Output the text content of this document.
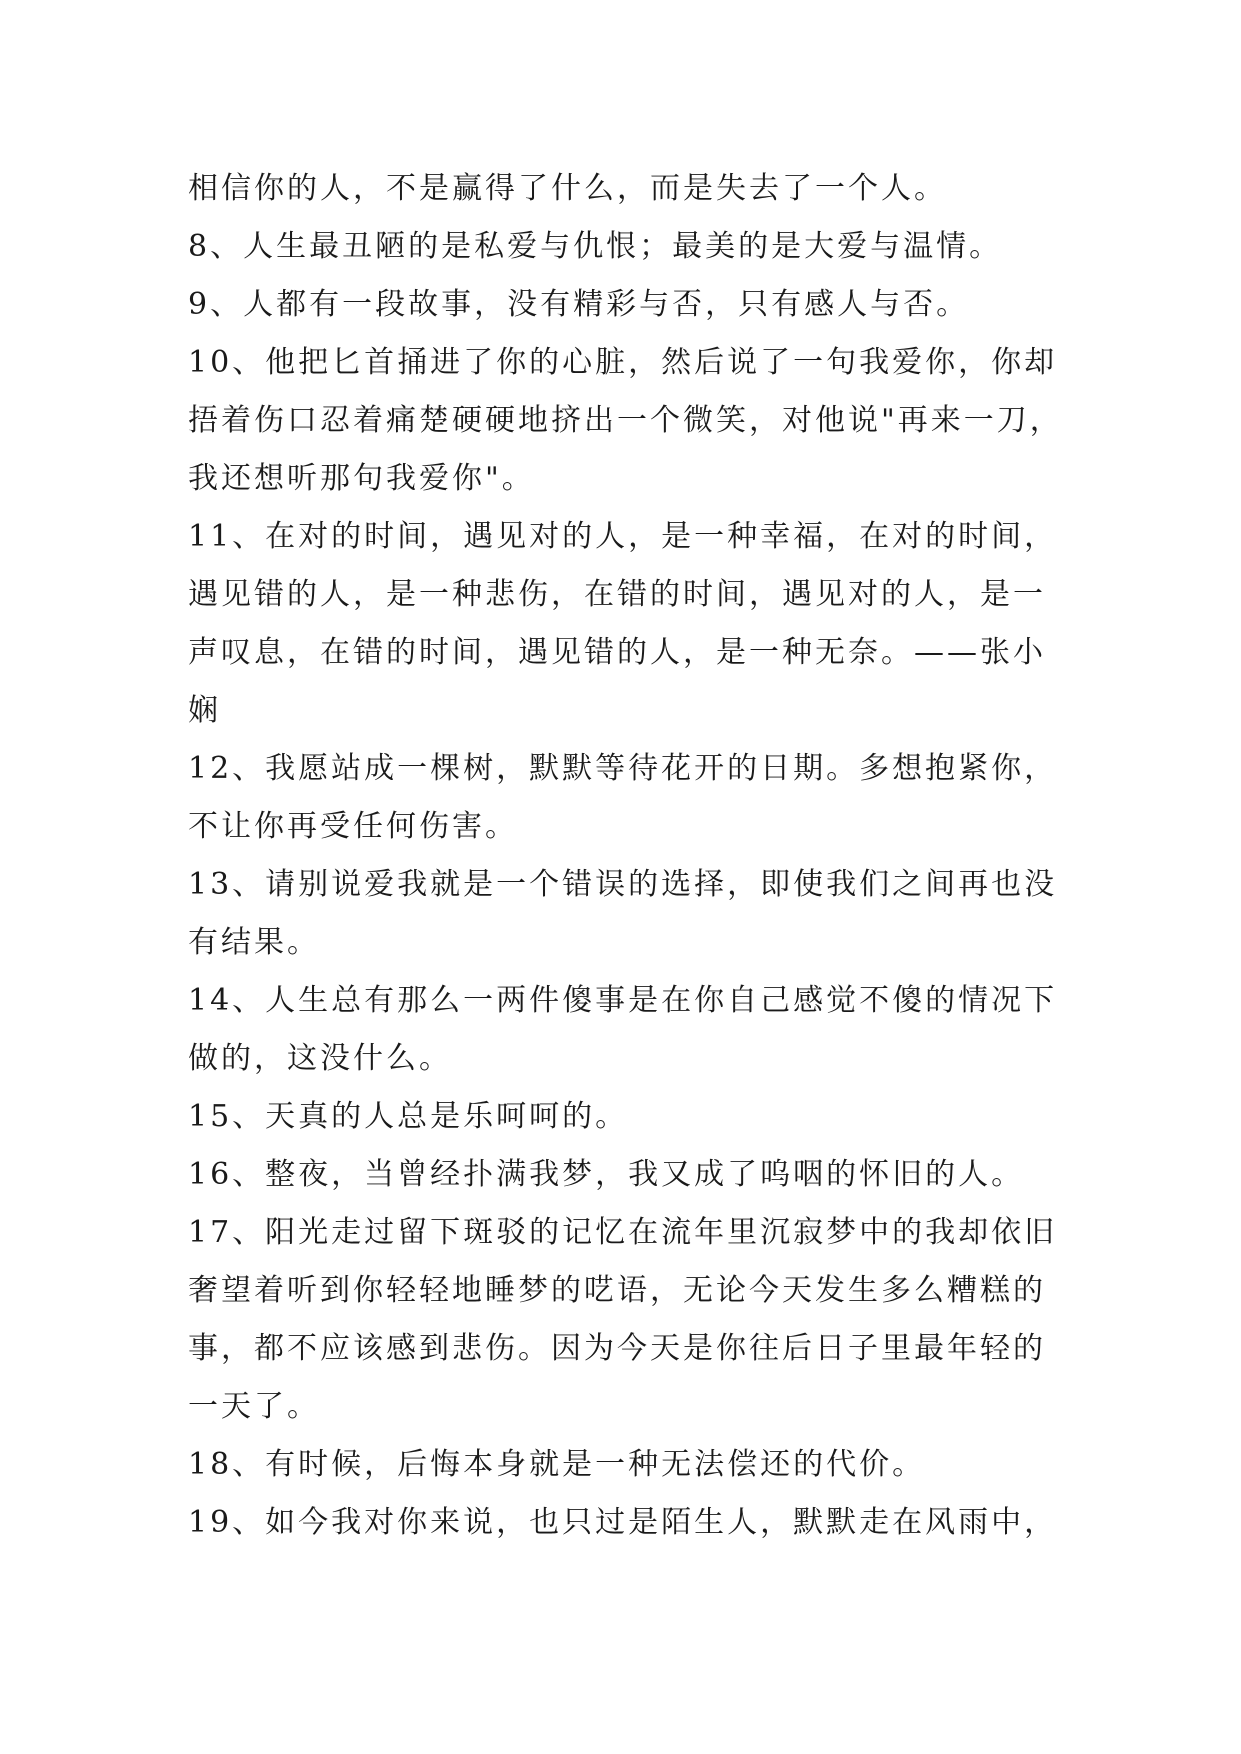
相信你的人，不是赢得了什么，而是失去了一个人。
8、人生最丑陋的是私爱与仇恨；最美的是大爱与温情。
9、人都有一段故事，没有精彩与否，只有感人与否。
10、他把匕首捅进了你的心脏，然后说了一句我爱你，你却
捂着伤口忍着痛楚硬硬地挤出一个微笑，对他说"再来一刀，
我还想听那句我爱你"。
11、在对的时间，遇见对的人，是一种幸福，在对的时间，
遇见错的人，是一种悲伤，在错的时间，遇见对的人，是一
声叹息，在错的时间，遇见错的人，是一种无奈。——张小
娴
12、我愿站成一棵树，默默等待花开的日期。多想抱紧你，
不让你再受任何伤害。
13、请别说爱我就是一个错误的选择，即使我们之间再也没
有结果。
14、人生总有那么一两件傻事是在你自己感觉不傻的情况下
做的，这没什么。
15、天真的人总是乐呵呵的。
16、整夜，当曾经扑满我梦，我又成了呜咽的怀旧的人。
17、阳光走过留下斑驳的记忆在流年里沉寂梦中的我却依旧
奢望着听到你轻轻地睡梦的呓语，无论今天发生多么糟糕的
事，都不应该感到悲伤。因为今天是你往后日子里最年轻的
一天了。
18、有时候，后悔本身就是一种无法偿还的代价。
19、如今我对你来说，也只过是陌生人，默默走在风雨中，
